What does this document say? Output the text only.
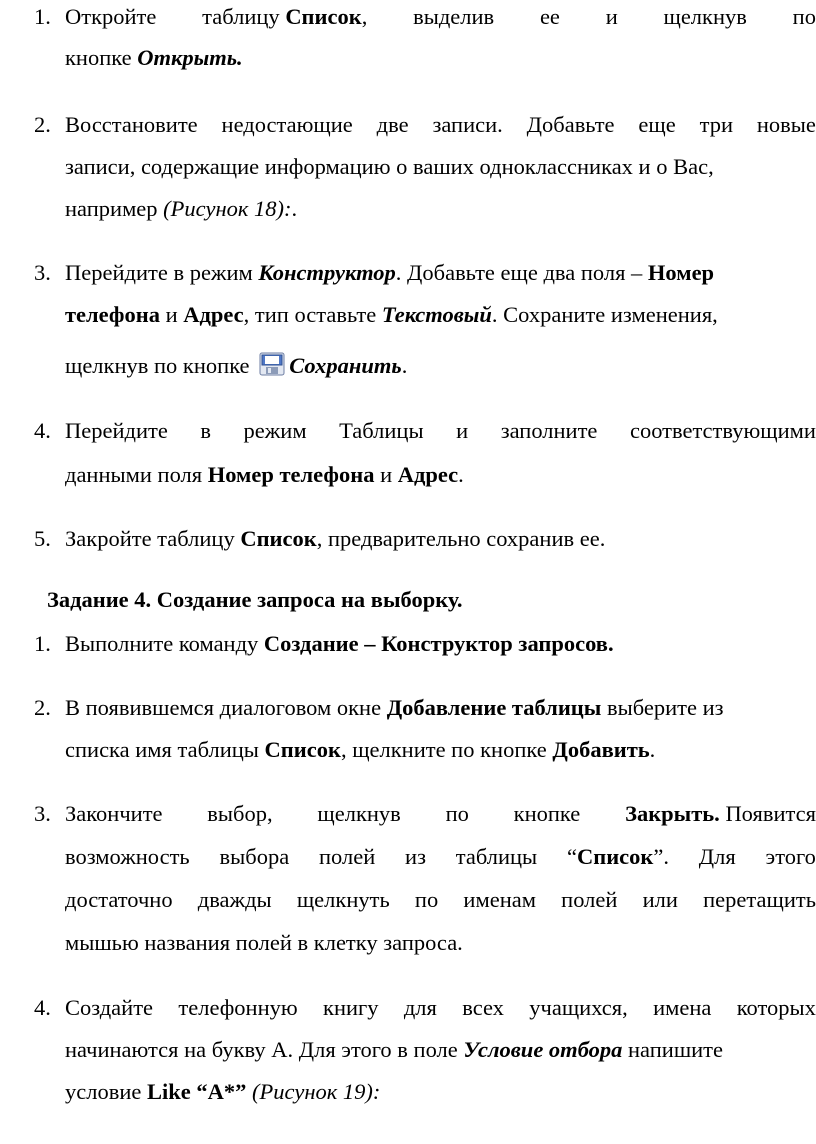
1. Откройте таблицу Список, выделив ее и щелкнув по
кнопке Открыть.
2. Восстановите недостающие две записи. Добавьте еще три новые
записи, содержащие информацию о ваших одноклассниках и о Вас,
например (Рисунок 18):.
3. Перейдите в режим Конструктор. Добавьте еще два поля – Номер
телефона и Адрес, тип оставьте Текстовый. Сохраните изменения,
щелкнув по кнопке Сохранить.
4. Перейдите в режим Таблицы и заполните соответствующими
данными поля Номер телефона и Адрес.
5. Закройте таблицу Список, предварительно сохранив ее.
Задание 4. Создание запроса на выборку.
1. Выполните команду Создание – Конструктор запросов.
2. В появившемся диалоговом окне Добавление таблицы выберите из
списка имя таблицы Список, щелкните по кнопке Добавить.
3. Закончите выбор, щелкнув по кнопке Закрыть. Появится
возможность выбора полей из таблицы “Список”. Для этого
достаточно дважды щелкнуть по именам полей или перетащить
мышью названия полей в клетку запроса.
4. Создайте телефонную книгу для всех учащихся, имена которых
начинаются на букву А. Для этого в поле Условие отбора напишите
условие Like “A*” (Рисунок 19):
